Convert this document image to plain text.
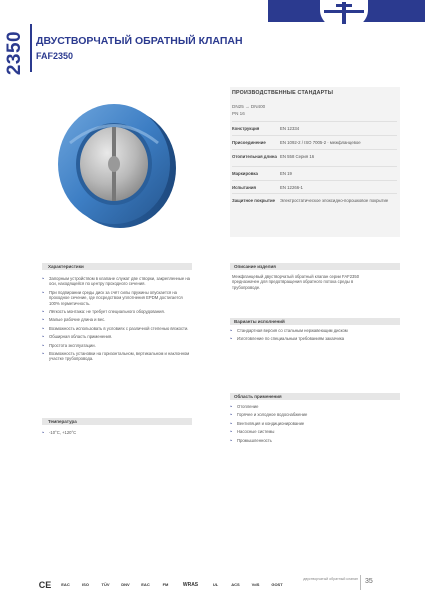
2350 ДВУСТВОРЧАТЫЙ ОБРАТНЫЙ КЛАПАН
FAF2350
ПРОИЗВОДСТВЕННЫЕ СТАНДАРТЫ
DN25 → DN400
PN 16
Конструкция	EN 12334
Присоединение	EN 1092-2 / ISO 7005-2 · межфланцевое
Отопительная длина EN 558 Серия 16
Маркировка	EN 19
Испытания	EN 12266-1
Защитное покрытие	Электростатическое эпоксидно-порошковое покрытие
Характеристики
‣ Запорным устройством в клапане служат две створки, закрепленные на оси, находящейся по центру проходного сечения.
‣ При подпирании среды диск за счёт силы пружины опускается на проходное сечение, где посредством уплотнения EPDM достигается 100% герметичность.
‣ Лёгкость монтажа: не требует специального оборудования.
‣ Малые рабочие длина и вес.
‣ Возможность использовать в условиях с различной степенью вязкости.
‣ Обширная область применения.
‣ Простота эксплуатации.
‣ Возможность установки на горизонтальном, вертикальном и наклонном участке трубопровода.
Температура
‣ -10°C, +120°C
Описание изделия
Межфланцевый двустворчатый обратный клапан серии FAF2350 предназначен для предотвращения обратного потока среды в трубопроводе.
Варианты исполнений
‣ Стандартная версия со стальным нержавеющим диском
‣ Изготовление по специальным требованиям заказчика
Область применения
‣ Отопление
‣ Горячее и холодное водоснабжение
‣ Вентиляция и кондиционирование
‣ Насосные системы
‣ Промышленность
CE	EAC	ISO	TÜV	DNV	EAC	FM	WRAS	UL	ACS	VdS	GOST
двустворчатый обратный клапан 35
